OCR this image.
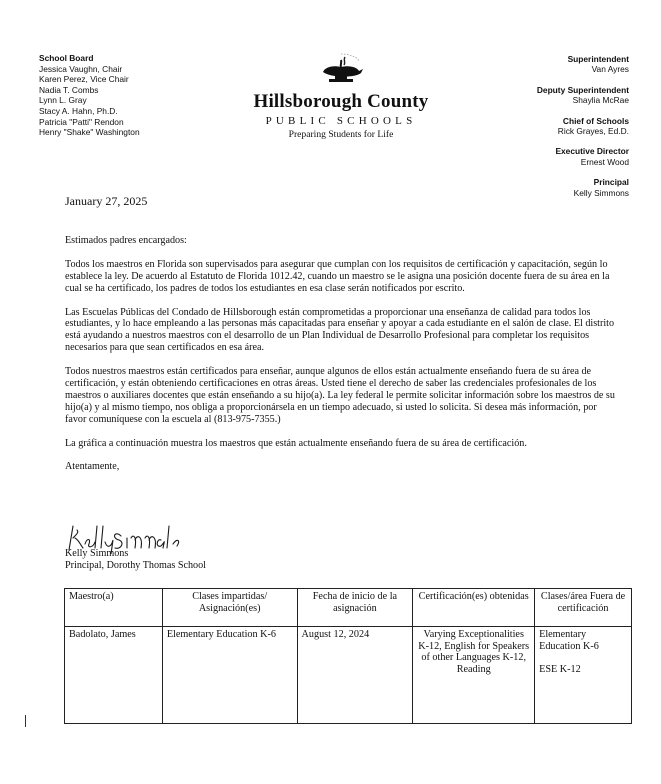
School Board
Jessica Vaughn, Chair
Karen Perez, Vice Chair
Nadia T. Combs
Lynn L. Gray
Stacy A. Hahn, Ph.D.
Patricia "Patti" Rendon
Henry "Shake" Washington
Hillsborough County
PUBLIC SCHOOLS
Preparing Students for Life
Superintendent
Van Ayres
Deputy Superintendent
Shaylia McRae
Chief of Schools
Rick Grayes, Ed.D.
Executive Director
Ernest Wood
Principal
Kelly Simmons
January 27, 2025

Estimados padres encargados:

Todos los maestros en Florida son supervisados para asegurar que cumplan con los requisitos de certificación y capacitación, según lo establece la ley. De acuerdo al Estatuto de Florida 1012.42, cuando un maestro se le asigna una posición docente fuera de su área en la cual se ha certificado, los padres de todos los estudiantes en esa clase serán notificados por escrito.

Las Escuelas Públicas del Condado de Hillsborough están comprometidas a proporcionar una enseñanza de calidad para todos los estudiantes, y lo hace empleando a las personas más capacitadas para enseñar y apoyar a cada estudiante en el salón de clase. El distrito está ayudando a nuestros maestros con el desarrollo de un Plan Individual de Desarrollo Profesional para completar los requisitos necesarios para que sean certificados en esa área.

Todos nuestros maestros están certificados para enseñar, aunque algunos de ellos están actualmente enseñando fuera de su área de certificación, y están obteniendo certificaciones en otras áreas. Usted tiene el derecho de saber las credenciales profesionales de los maestros o auxiliares docentes que están enseñando a su hijo(a). La ley federal le permite solicitar información sobre los maestros de su hijo(a) y al mismo tiempo, nos obliga a proporcionársela en un tiempo adecuado, si usted lo solicita. Si desea más información, por favor comuníquese con la escuela al (813-975-7355.)

La gráfica a continuación muestra los maestros que están actualmente enseñando fuera de su área de certificación.

Atentamente,

Kelly Simmons
Principal, Dorothy Thomas School
Maestro(a)	Clases impartidas/ Asignación(es)	Fecha de inicio de la asignación	Certificación(es) obtenidas	Clases/área Fuera de certificación
Badolato, James	Elementary Education K-6	August 12, 2024	Varying Exceptionalities K-12, English for Speakers of other Languages K-12, Reading	Elementary Education K-6
ESE K-12
